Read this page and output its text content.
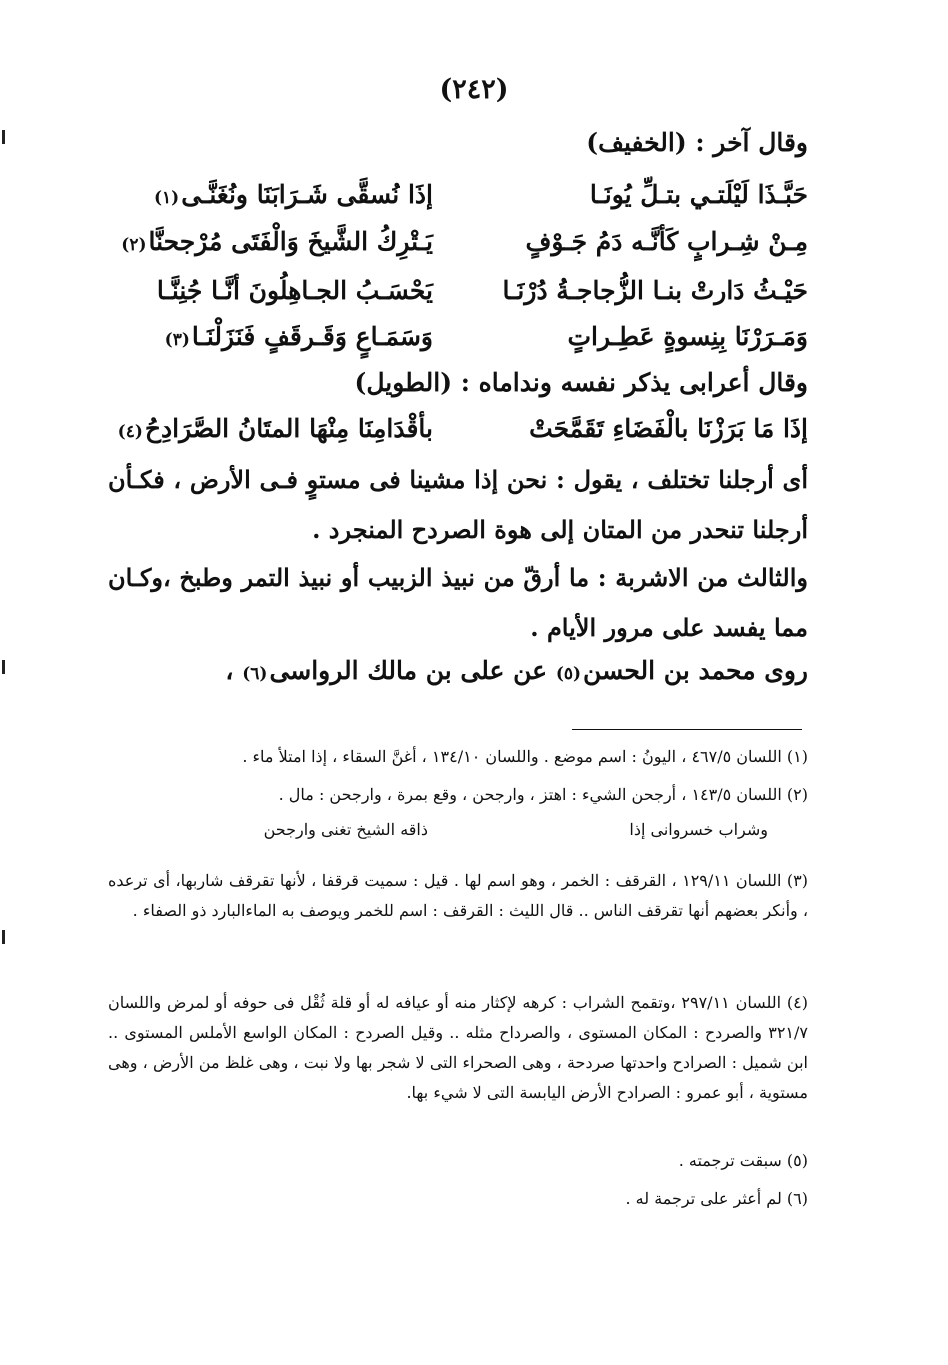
(٢٤٢)
وقال آخر : (الخفيف)
حَبَّـذَا لَيْلَتـي بتـلِّ يُونَـا
إذَا نُسقَّى شَـرَابَنَا ونُغَنَّـى(١)
مِـنْ شِـرابٍ كَأنَّـه دَمُ جَـوْفٍ
يَـتْرِكُ الشَّيخَ وَالْفَتَى مُرْجحنَّا(٢)
حَيْـثُ دَارتْ بنـا الزُّجاجـةُ دُرْنَـا
يَحْسَـبُ الجـاهِلُونَ أنَّـا جُنِنَّـا
وَمَـرَرْنَا بِنِسوةٍ عَطِـراتٍ
وَسَمَـاعٍ وَقَـرقَفٍ فَنَزَلْنَـا(٣)
وقال أعرابى يذكر نفسه ونداماه : (الطويل)
إذَا مَا بَرَزْنَا بالْفَضَاءِ تَقَمَّحَتْ
بأقْدَامِنَا مِنْهَا المتَانُ الصَّرَادِحُ(٤)
أى أرجلنا تختلف ، يقول : نحن إذا مشينا فى مستوٍ فـى الأرض ، فكـأن أرجلنا تنحدر من المتان إلى هوة الصردح المنجرد .
والثالث من الاشربة : ما أرقّ من نبيذ الزبيب أو نبيذ التمر وطبخ ،وكـان مما يفسد على مرور الأيام .
روى محمد بن الحسن(٥) عن على بن مالك الرواسى(٦) ،
(١) اللسان ٤٦٧/٥ ، اليونُ : اسم موضع . واللسان ١٣٤/١٠ ، أغنَّ السقاء ، إذا امتلأ ماء .
(٢) اللسان ١٤٣/٥ ، أرجحن الشيء : اهتز ، وارجحن ، وقع بمرة ، وارجحن : مال .
وشراب خسروانى إذا
ذاقه الشيخ تغنى وارجحن
(٣) اللسان ١٢٩/١١ ، القرقف : الخمر ، وهو اسم لها . قيل : سميت قرقفا ، لأنها تقرقف شاربها، أى ترعده ، وأنكر بعضهم أنها تقرقف الناس .. قال الليث : القرقف : اسم للخمر ويوصف به الماءالبارد ذو الصفاء .
(٤) اللسان ٢٩٧/١١ ،وتقمح الشراب : كرهه لإكثار منه أو عيافه له أو قلة ثُقْل فى حوفه أو لمرض واللسان ٣٢١/٧ والصردح : المكان المستوى ، والصرداح مثله .. وقيل الصردح : المكان الواسع الأملس المستوى .. ابن شميل : الصرادح واحدتها صردحة ، وهى الصحراء التى لا شجر بها ولا نبت ، وهى غلظ من الأرض ، وهى مستوية ، أبو عمرو : الصرادح الأرض اليابسة التى لا شيء بها.
(٥) سبقت ترجمته .
(٦) لم أعثر على ترجمة له .
